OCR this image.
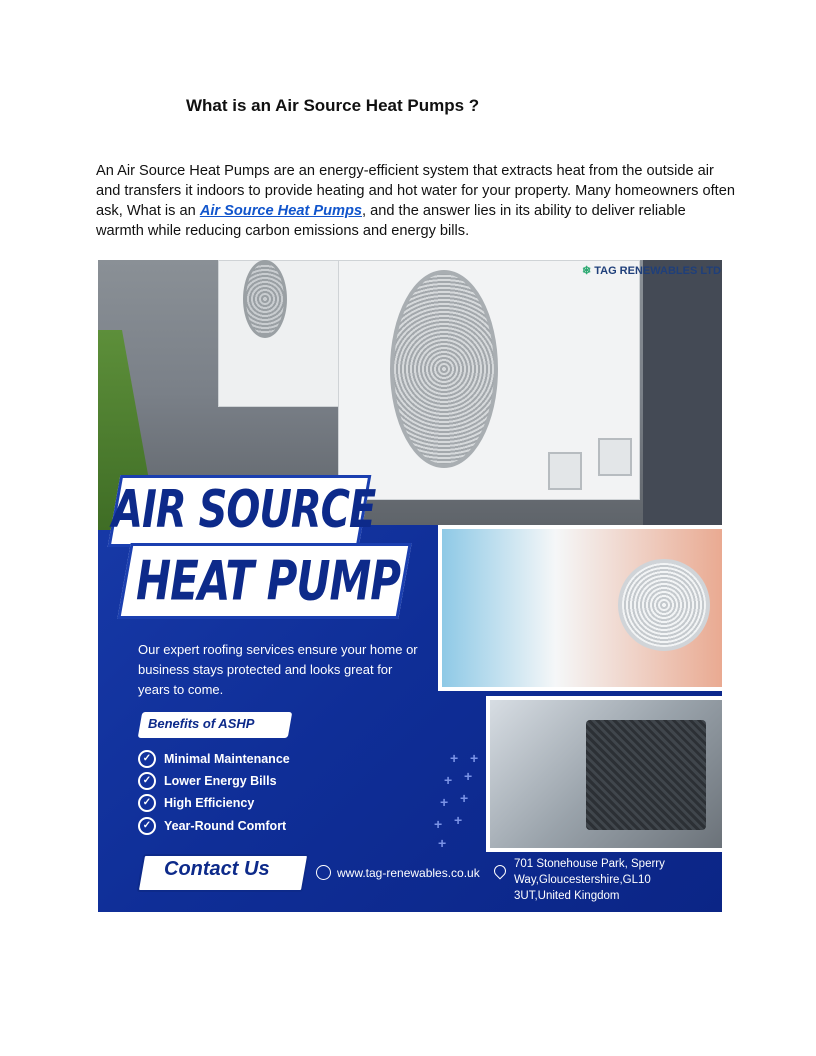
What is an Air Source Heat Pumps ?

An Air Source Heat Pumps are an energy-efficient system that extracts heat from the outside air and transfers it indoors to provide heating and hot water for your property. Many homeowners often ask, What is an Air Source Heat Pumps, and the answer lies in its ability to deliver reliable warmth while reducing carbon emissions and energy bills.

❄ TAG RENEWABLES LTD
AIR SOURCE
HEAT PUMP
Our expert roofing services ensure your home or business stays protected and looks great for years to come.
Benefits of ASHP
✓	Minimal Maintenance
✓	Lower Energy Bills
✓	High Efficiency
✓	Year-Round Comfort
+ +
+ +
+ +
+ +
+
Contact Us	www.tag-renewables.co.uk
701 Stonehouse Park, Sperry Way,Gloucestershire,GL10 3UT,United Kingdom
